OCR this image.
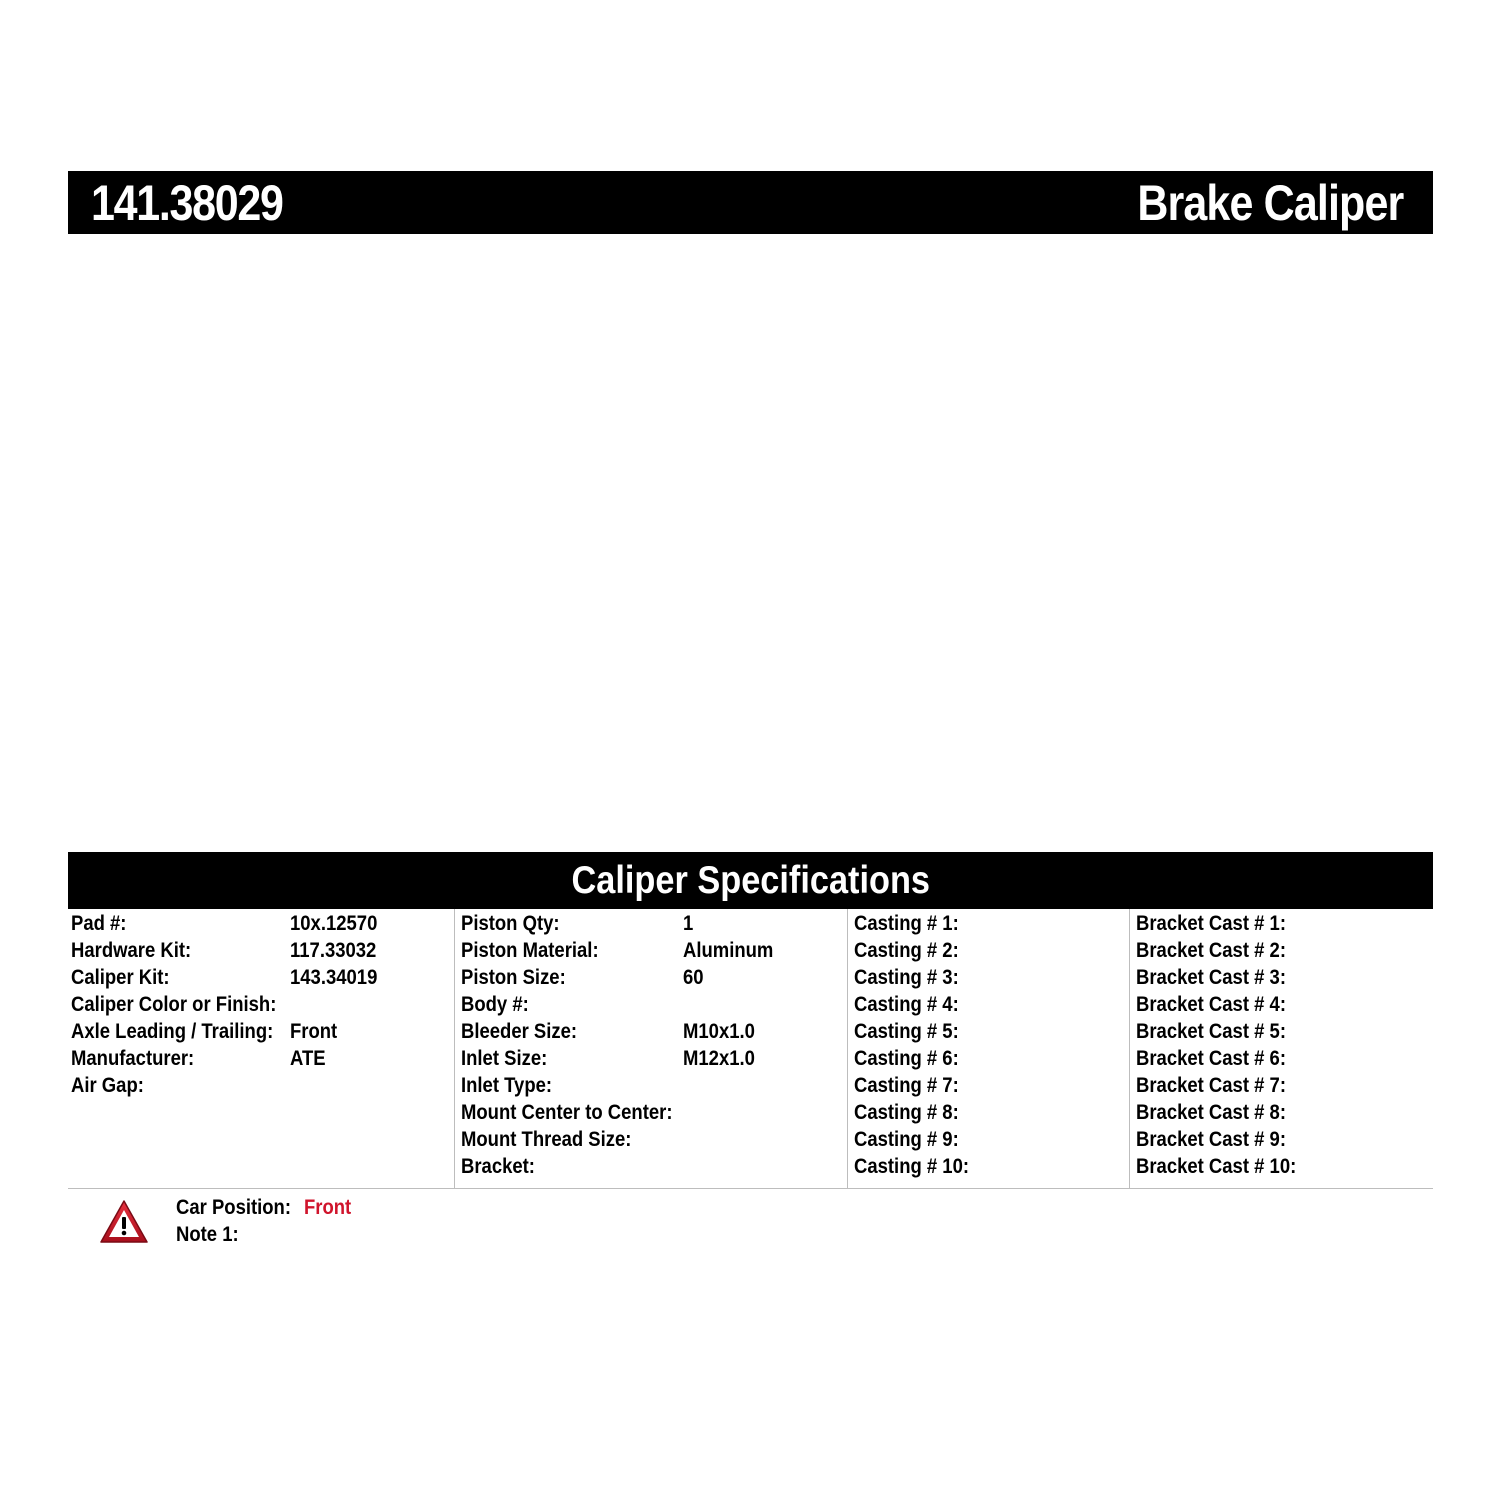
141.38029	Brake Caliper
Caliper Specifications
Pad #:	10x.12570
Hardware Kit:	117.33032
Caliper Kit:	143.34019
Caliper Color or Finish:
Axle Leading / Trailing: Front
Manufacturer:	ATE
Air Gap:
Piston Qty:	1
Piston Material:	Aluminum
Piston Size:	60
Body #:
Bleeder Size:	M10x1.0
Inlet Size:	M12x1.0
Inlet Type:
Mount Center to Center:
Mount Thread Size:
Bracket:
Casting # 1:
Casting # 2:
Casting # 3:
Casting # 4:
Casting # 5:
Casting # 6:
Casting # 7:
Casting # 8:
Casting # 9:
Casting # 10:
Bracket Cast # 1:
Bracket Cast # 2:
Bracket Cast # 3:
Bracket Cast # 4:
Bracket Cast # 5:
Bracket Cast # 6:
Bracket Cast # 7:
Bracket Cast # 8:
Bracket Cast # 9:
Bracket Cast # 10:
Car Position: Front
Note 1:
